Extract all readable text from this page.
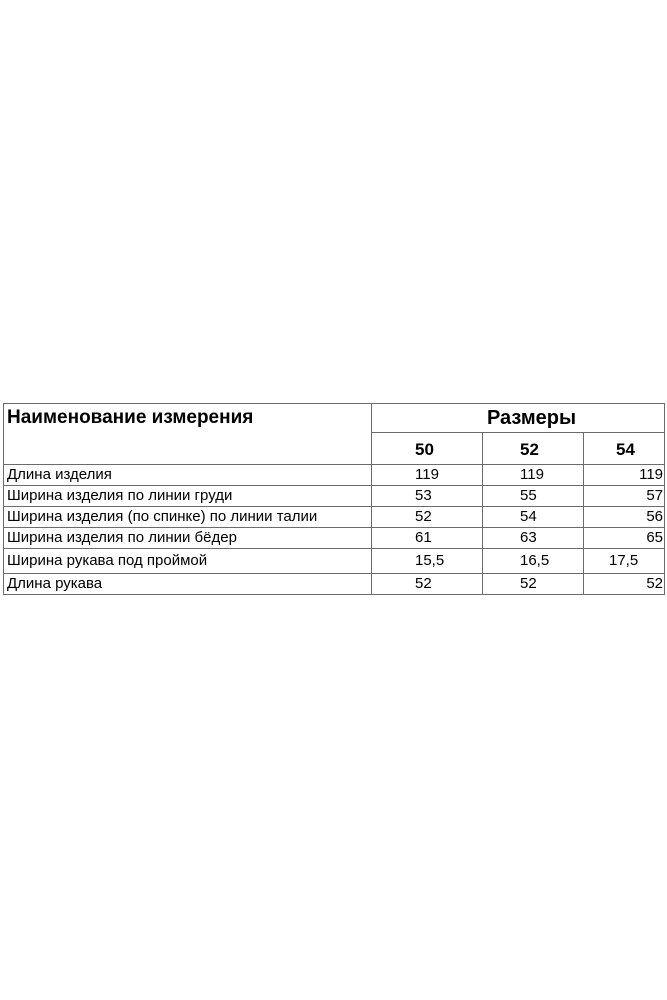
Наименование измерения	Размеры		
	50	52	54
Длина изделия	119	119	119
Ширина изделия по линии груди	53	55	57
Ширина изделия (по спинке) по линии талии	52	54	56
Ширина изделия по линии бёдер	61	63	65
Ширина рукава под проймой	15,5	16,5	17,5
Длина рукава	52	52	52
